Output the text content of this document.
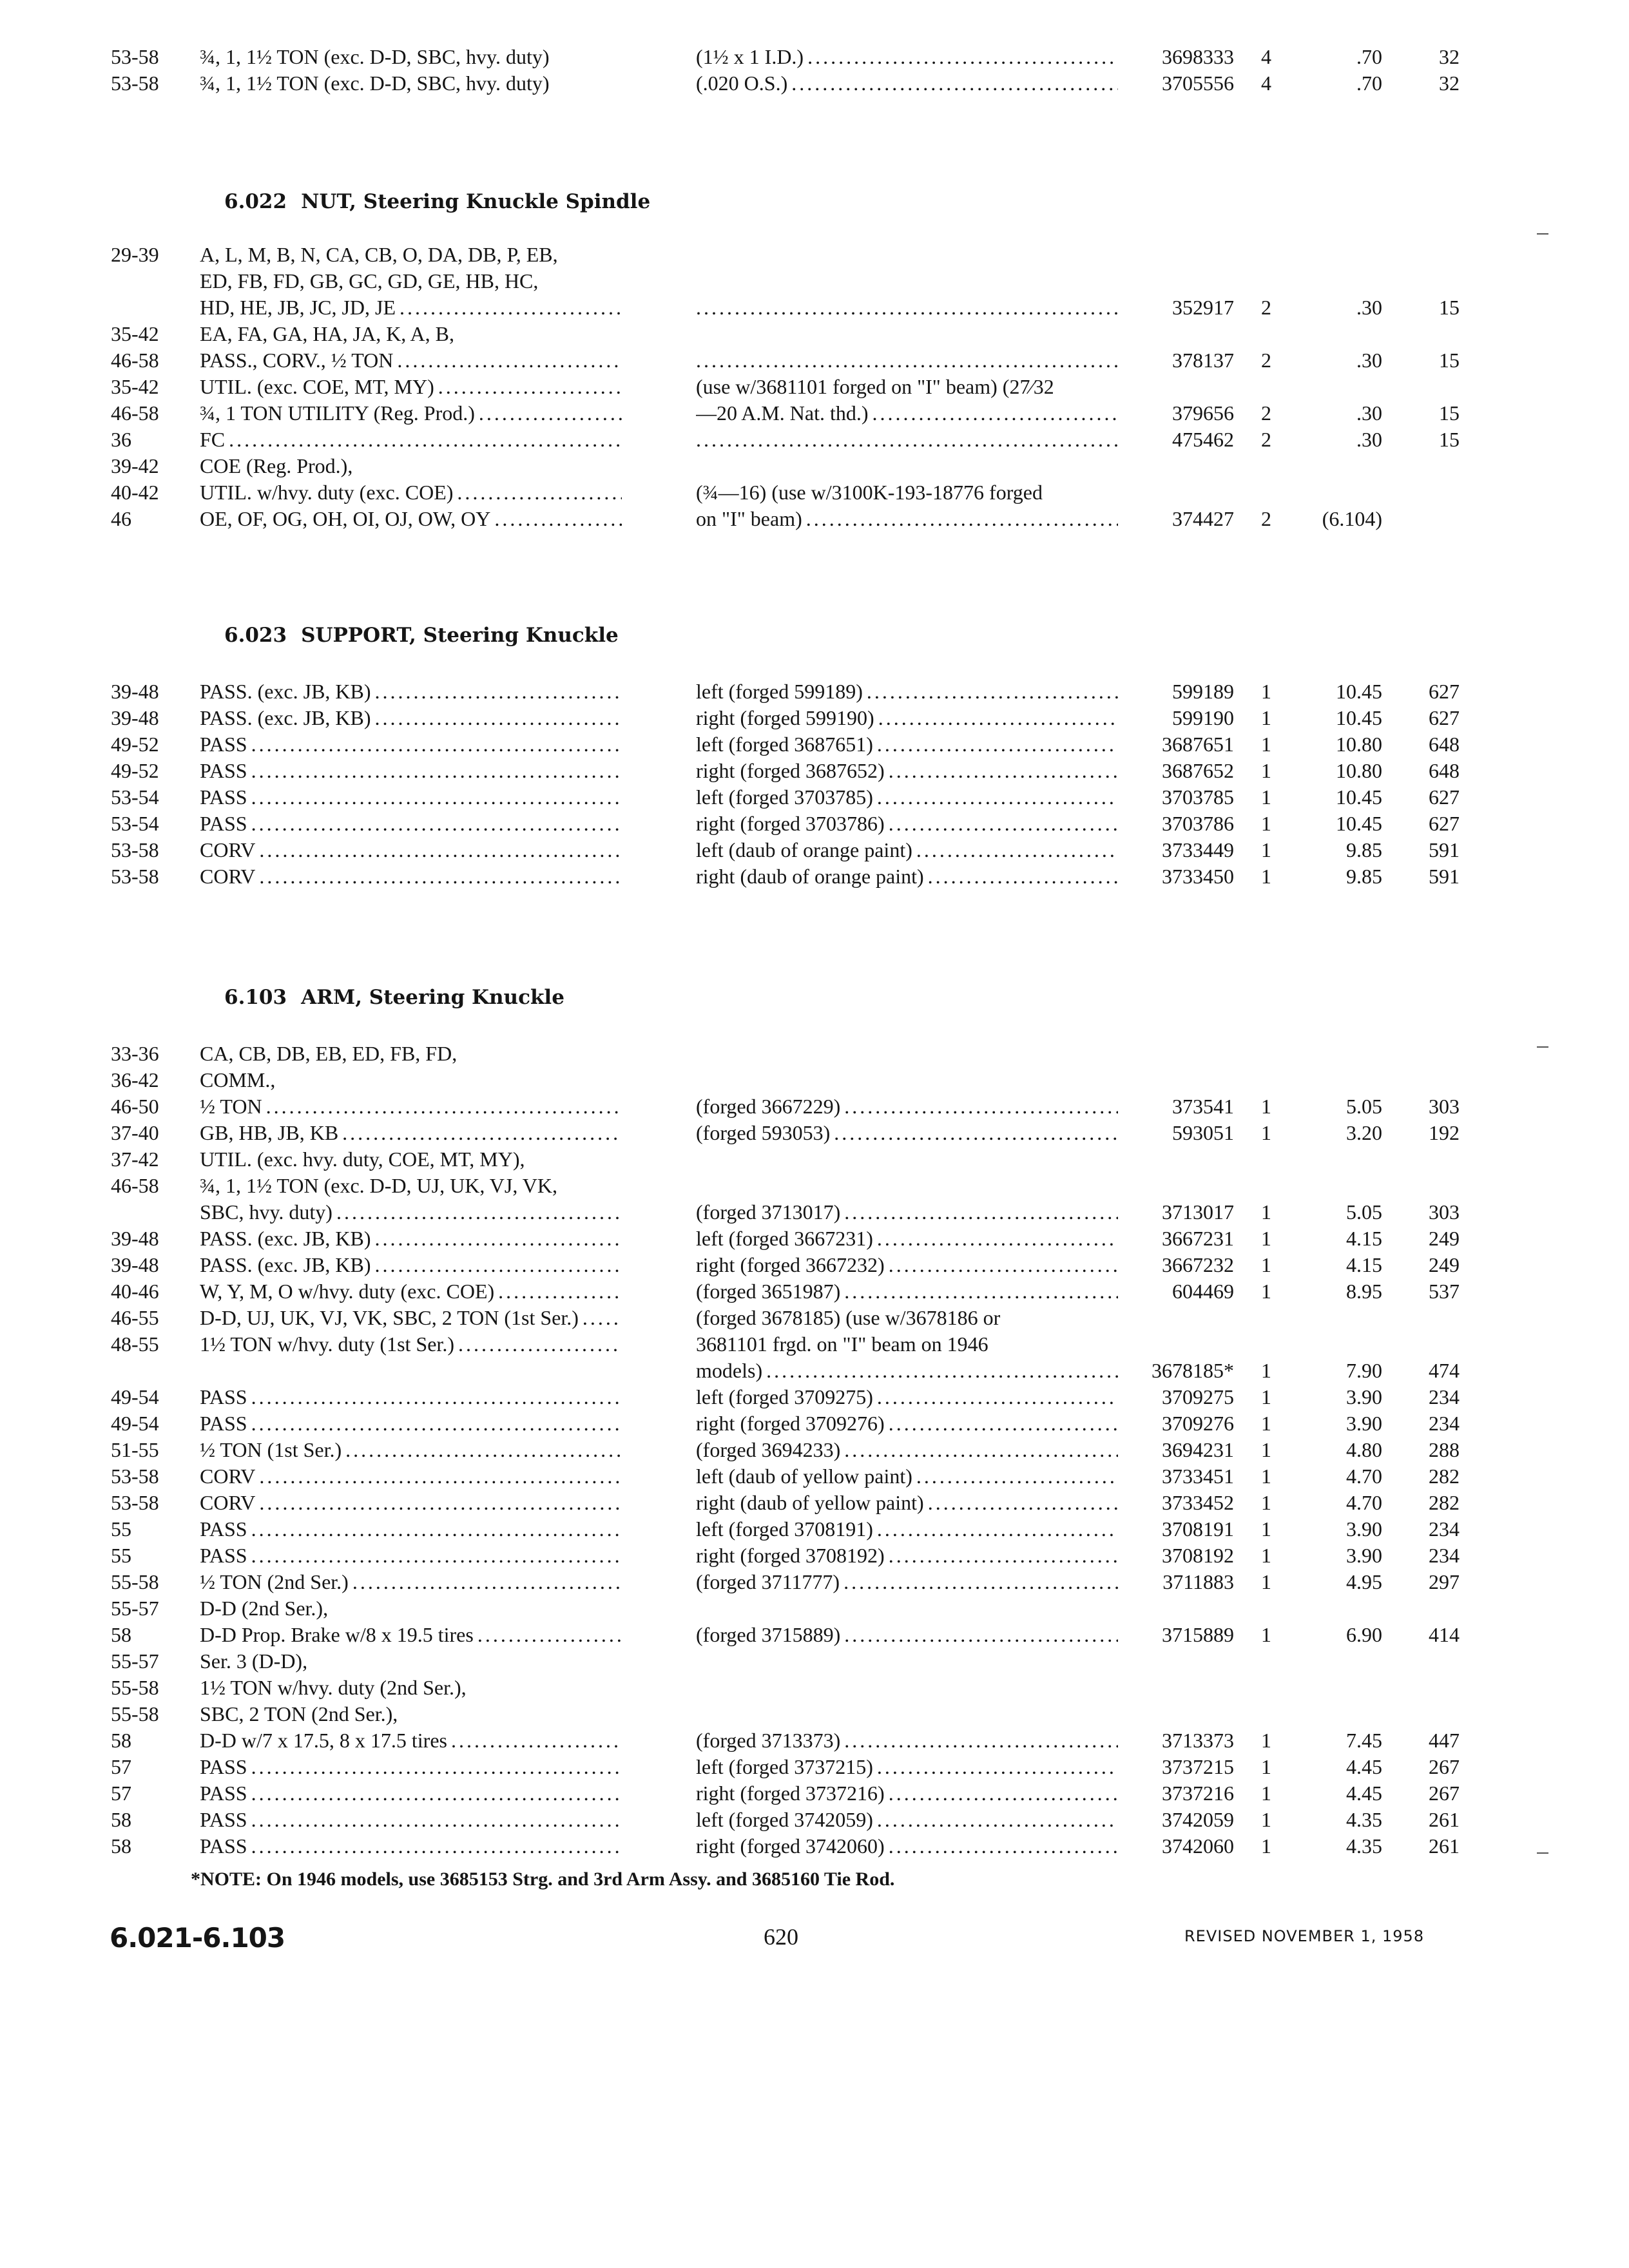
53-58	¾, 1, 1½ TON (exc. D-D, SBC, hvy. duty)	(1½ x 1 I.D.) . . .	3698333 4	.70	32
53-58	¾, 1, 1½ TON (exc. D-D, SBC, hvy. duty)	(.020 O.S.) . . .	3705556 4	.70	32
6.022 NUT, Steering Knuckle Spindle
6.023 SUPPORT, Steering Knuckle
6.103 ARM, Steering Knuckle
29-39	A, L, M, B, N, CA, CB, O, DA, DB, P, EB,
ED, FB, FD, GB, GC, GD, GE, HB, HC,
HD, HE, JB, JC, JD, JE . . . . . .	352917 2	.30	15
35-42	EA, FA, GA, HA, JA, K, A, B,
46-58	PASS., CORV., ½ TON . . . . . .	378137 2	.30	15
35-42	UTIL. (exc. COE, MT, MY) . . .	(use w/3681101 forged on "I" beam) (27⁄32
46-58	¾, 1 TON UTILITY (Reg. Prod.) . . .	—20 A.M. Nat. thd.) . . .	379656 2	.30	15
36	FC . . . . . .	475462 2	.30	15
39-42	COE (Reg. Prod.),
40-42	UTIL. w/hvy. duty (exc. COE) . . .	(¾—16) (use w/3100K-193-18776 forged
46	OE, OF, OG, OH, OI, OJ, OW, OY . . .	on "I" beam) . . .	374427 2	(6.104)
39-48	PASS. (exc. JB, KB) . . .	left (forged 599189) . . .	599189 1	10.45	627
39-48	PASS. (exc. JB, KB) . . .	right (forged 599190) . . .	599190 1	10.45	627
49-52	PASS . . .	left (forged 3687651) . . .	3687651 1	10.80	648
49-52	PASS . . .	right (forged 3687652) . . .	3687652 1	10.80	648
53-54	PASS . . .	left (forged 3703785) . . .	3703785 1	10.45	627
53-54	PASS . . .	right (forged 3703786) . . .	3703786 1	10.45	627
53-58	CORV . . .	left (daub of orange paint) . . .	3733449 1	9.85	591
53-58	CORV . . .	right (daub of orange paint) . . .	3733450 1	9.85	591
33-36	CA, CB, DB, EB, ED, FB, FD,
36-42	COMM.,
46-50	½ TON . . .	(forged 3667229) . . .	373541 1	5.05	303
37-40	GB, HB, JB, KB . . .	(forged 593053) . . .	593051 1	3.20	192
37-42	UTIL. (exc. hvy. duty, COE, MT, MY),
46-58	¾, 1, 1½ TON (exc. D-D, UJ, UK, VJ, VK,
SBC, hvy. duty) . . .	(forged 3713017) . . .	3713017 1	5.05	303
39-48	PASS. (exc. JB, KB) . . .	left (forged 3667231) . . .	3667231 1	4.15	249
39-48	PASS. (exc. JB, KB) . . .	right (forged 3667232) . . .	3667232 1	4.15	249
40-46	W, Y, M, O w/hvy. duty (exc. COE) . . .	(forged 3651987) . . .	604469 1	8.95	537
46-55	D-D, UJ, UK, VJ, VK, SBC, 2 TON (1st Ser.) . . .	(forged 3678185) (use w/3678186 or
48-55	1½ TON w/hvy. duty (1st Ser.) . . .	3681101 frgd. on "I" beam on 1946
models) . . .	3678185* 1	7.90	474
49-54	PASS . . .	left (forged 3709275) . . .	3709275 1	3.90	234
49-54	PASS . . .	right (forged 3709276) . . .	3709276 1	3.90	234
51-55	½ TON (1st Ser.) . . .	(forged 3694233) . . .	3694231 1	4.80	288
53-58	CORV . . .	left (daub of yellow paint) . . .	3733451 1	4.70	282
53-58	CORV . . .	right (daub of yellow paint) . . .	3733452 1	4.70	282
55	PASS . . .	left (forged 3708191) . . .	3708191 1	3.90	234
55	PASS . . .	right (forged 3708192) . . .	3708192 1	3.90	234
55-58	½ TON (2nd Ser.) . . .	(forged 3711777) . . .	3711883 1	4.95	297
55-57	D-D (2nd Ser.),
58	D-D Prop. Brake w/8 x 19.5 tires . . .	(forged 3715889) . . .	3715889 1	6.90	414
55-57	Ser. 3 (D-D),
55-58	1½ TON w/hvy. duty (2nd Ser.),
55-58	SBC, 2 TON (2nd Ser.),
58	D-D w/7 x 17.5, 8 x 17.5 tires . . .	(forged 3713373) . . .	3713373 1	7.45	447
57	PASS . . .	left (forged 3737215) . . .	3737215 1	4.45	267
57	PASS . . .	right (forged 3737216) . . .	3737216 1	4.45	267
58	PASS . . .	left (forged 3742059) . . .	3742059 1	4.35	261
58	PASS . . .	right (forged 3742060) . . .	3742060 1	4.35	261
*NOTE: On 1946 models, use 3685153 Strg. and 3rd Arm Assy. and 3685160 Tie Rod.
6.021-6.103	620	REVISED NOVEMBER 1, 1958
